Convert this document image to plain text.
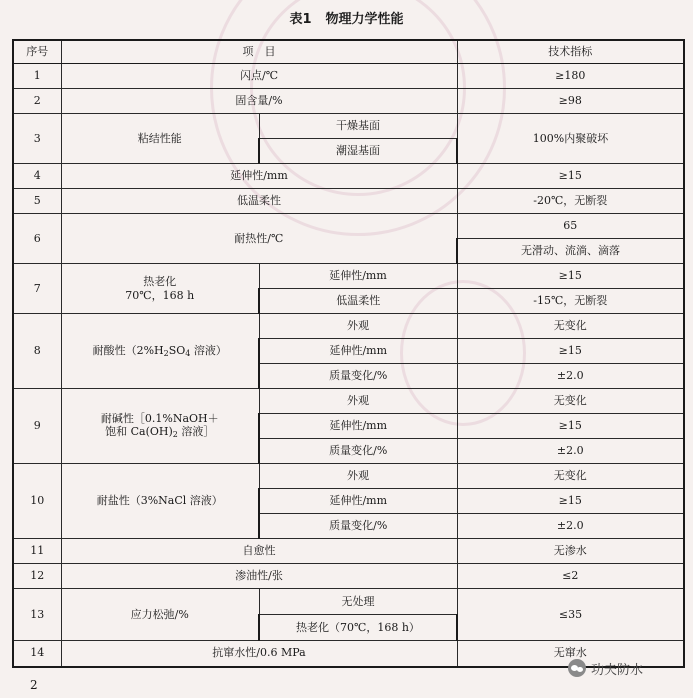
表1 物理力学性能
序号	项　目		技术指标
1	闪点/℃		≥180
2	固含量/%		≥98
3	粘结性能	干燥基面	100%内聚破坏
		潮湿基面	
4	延伸性/mm		≥15
5	低温柔性		-20℃，无断裂
6	耐热性/℃		65
			无滑动、流淌、滴落
7	热老化
70℃，168 h	延伸性/mm	≥15
		低温柔性	-15℃，无断裂
8	耐酸性（$2\%H_2SO_4$ 溶液）	外观	无变化
		延伸性/mm	≥15
		质量变化/%	±2.0
9	耐碱性［0.1%NaOH＋
饱和 $Ca(OH)_2$ 溶液］	外观	无变化
		延伸性/mm	≥15
		质量变化/%	±2.0
10	耐盐性（3%NaCl 溶液）	外观	无变化
		延伸性/mm	≥15
		质量变化/%	±2.0
11	自愈性		无渗水
12	渗油性/张		≤2
13	应力松弛/%	无处理	≤35
		热老化（70℃，168 h）	
14	抗窜水性/0.6 MPa		无窜水
2
功夫防水
